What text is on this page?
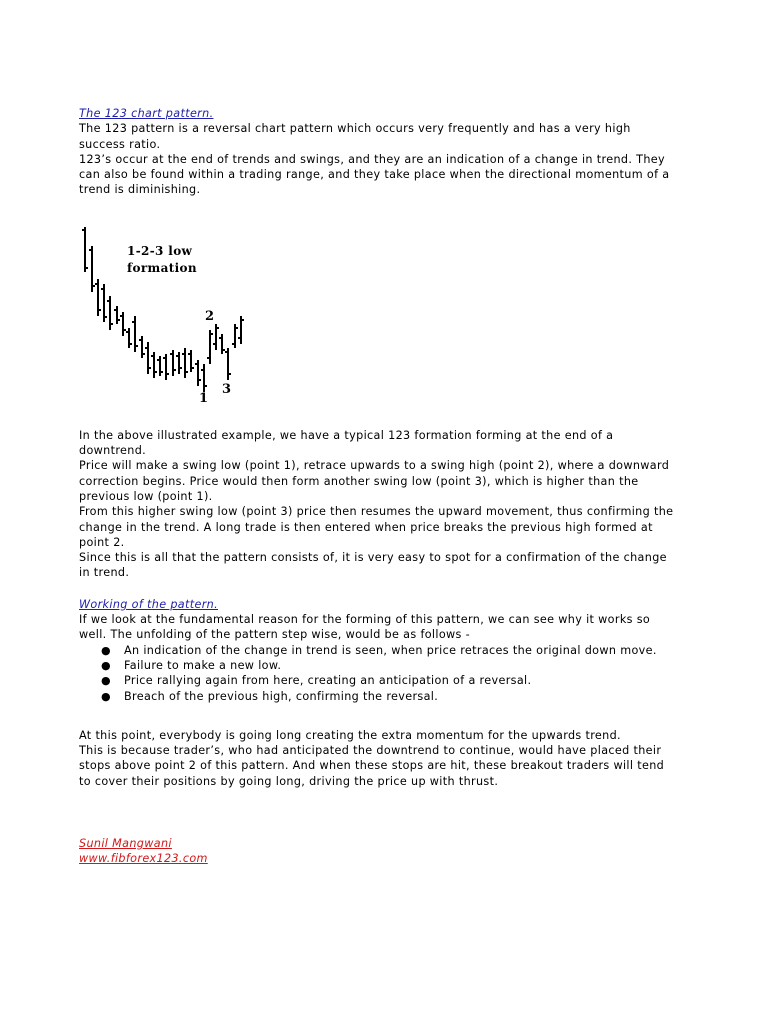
The 123 chart pattern.

The 123 pattern is a reversal chart pattern which occurs very frequently and has a very high success ratio.

123’s occur at the end of trends and swings, and they are an indication of a change in trend. They can also be found within a trading range, and they take place when the directional momentum of a trend is diminishing.

1-2-3 low
formation
2
1
3

In the above illustrated example, we have a typical 123 formation forming at the end of a downtrend.

Price will make a swing low (point 1), retrace upwards to a swing high (point 2), where a downward correction begins. Price would then form another swing low (point 3), which is higher than the previous low (point 1).

From this higher swing low (point 3) price then resumes the upward movement, thus confirming the change in the trend. A long trade is then entered when price breaks the previous high formed at point 2.

Since this is all that the pattern consists of, it is very easy to spot for a confirmation of the change in trend.

Working of the pattern.

If we look at the fundamental reason for the forming of this pattern, we can see why it works so well. The unfolding of the pattern step wise, would be as follows -

● An indication of the change in trend is seen, when price retraces the original down move.
● Failure to make a new low.
● Price rallying again from here, creating an anticipation of a reversal.
● Breach of the previous high, confirming the reversal.

At this point, everybody is going long creating the extra momentum for the upwards trend.

This is because trader’s, who had anticipated the downtrend to continue, would have placed their stops above point 2 of this pattern. And when these stops are hit, these breakout traders will tend to cover their positions by going long, driving the price up with thrust.

Sunil Mangwani

www.fibforex123.com
